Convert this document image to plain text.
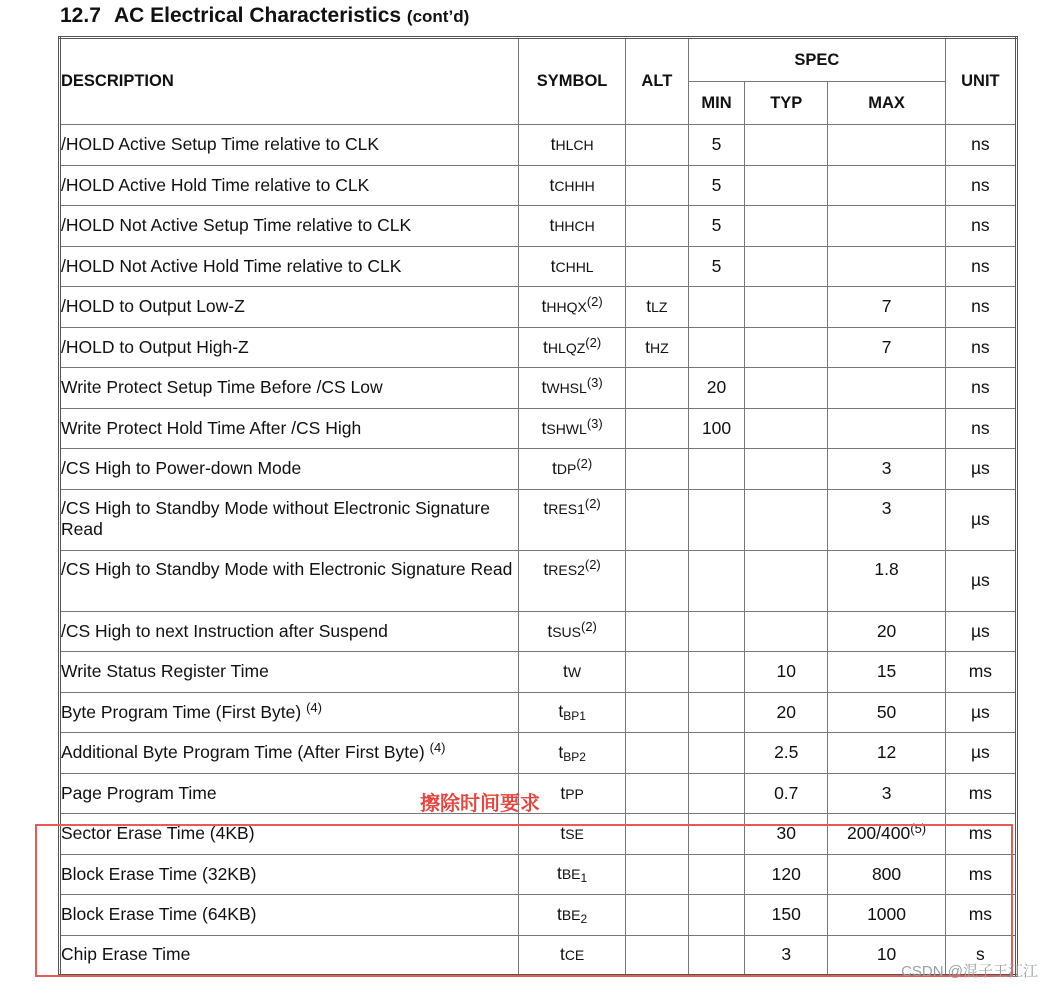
12.7 AC Electrical Characteristics (cont’d)
DESCRIPTION	SYMBOL	ALT	SPEC			UNIT
			MIN	TYP	MAX	
/HOLD Active Setup Time relative to CLK	tHLCH		5			ns
/HOLD Active Hold Time relative to CLK	tCHHH		5			ns
/HOLD Not Active Setup Time relative to CLK	tHHCH		5			ns
/HOLD Not Active Hold Time relative to CLK	tCHHL		5			ns
/HOLD to Output Low-Z	tHHQX$^{(2)}$	tLZ			7	ns
/HOLD to Output High-Z	tHLQZ$^{(2)}$	tHZ			7	ns
Write Protect Setup Time Before /CS Low	tWHSL$^{(3)}$		20			ns
Write Protect Hold Time After /CS High	tSHWL$^{(3)}$		100			ns
/CS High to Power-down Mode	tDP$^{(2)}$				3	µs
/CS High to Standby Mode without Electronic Signature Read	tRES1$^{(2)}$				3	µs
/CS High to Standby Mode with Electronic Signature Read	tRES2$^{(2)}$				1.8	µs
/CS High to next Instruction after Suspend	tSUS$^{(2)}$				20	µs
Write Status Register Time	tW			10	15	ms
Byte Program Time (First Byte) $^{(4)}$	tBP1			20	50	µs
Additional Byte Program Time (After First Byte) $^{(4)}$	tBP2			2.5	12	µs
Page Program Time	tPP			0.7	3	ms
Sector Erase Time (4KB)	tSE			30	200/400$^{(5)}$	ms
Block Erase Time (32KB)	tBE1			120	800	ms
Block Erase Time (64KB)	tBE2			150	1000	ms
Chip Erase Time	tCE			3	10	s
擦除时间要求
CSDN @混子王江江
